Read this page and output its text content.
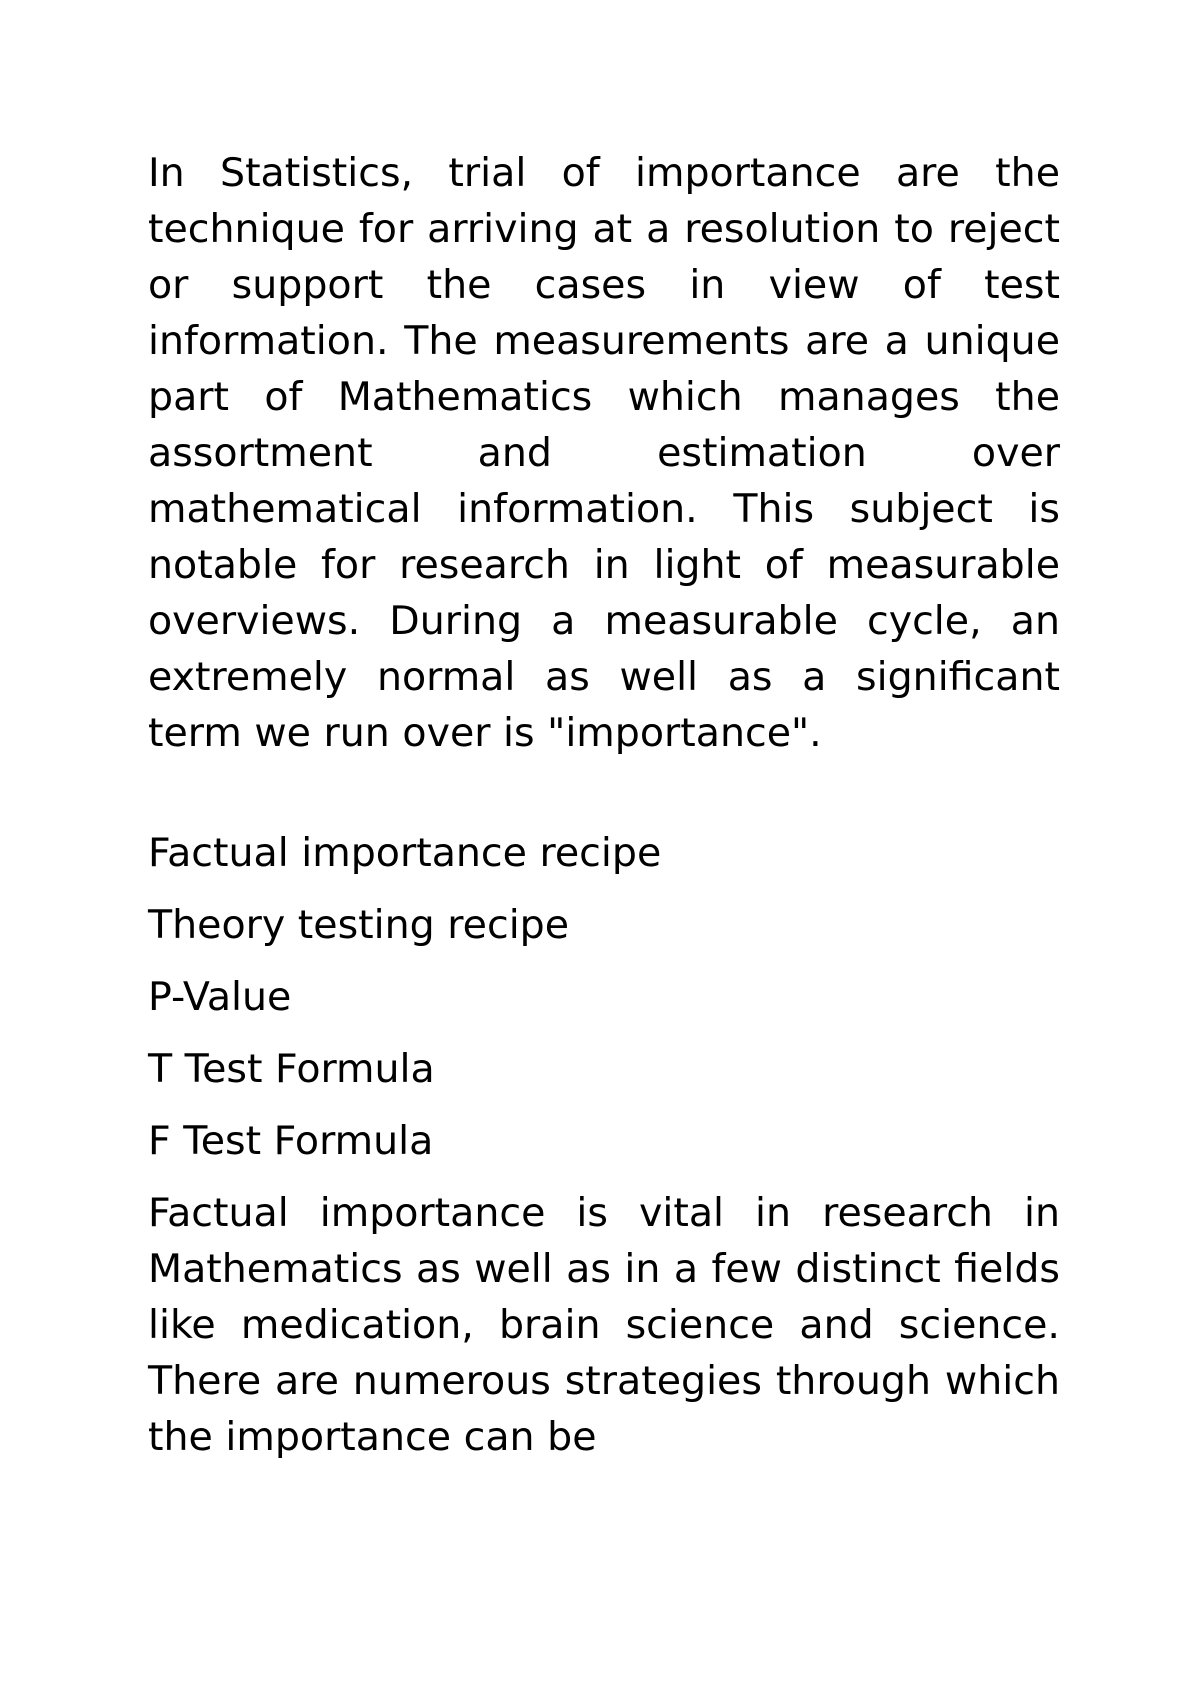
In Statistics, trial of importance are the technique for arriving at a resolution to reject or support the cases in view of test information. The measurements are a unique part of Mathematics which manages the assortment and estimation over mathematical information. This subject is notable for research in light of measurable overviews. During a measurable cycle, an extremely normal as well as a significant term we run over is "importance".

Factual importance recipe
Theory testing recipe
P-Value
T Test Formula
F Test Formula

Factual importance is vital in research in Mathematics as well as in a few distinct fields like medication, brain science and science. There are numerous strategies through which the importance can be
